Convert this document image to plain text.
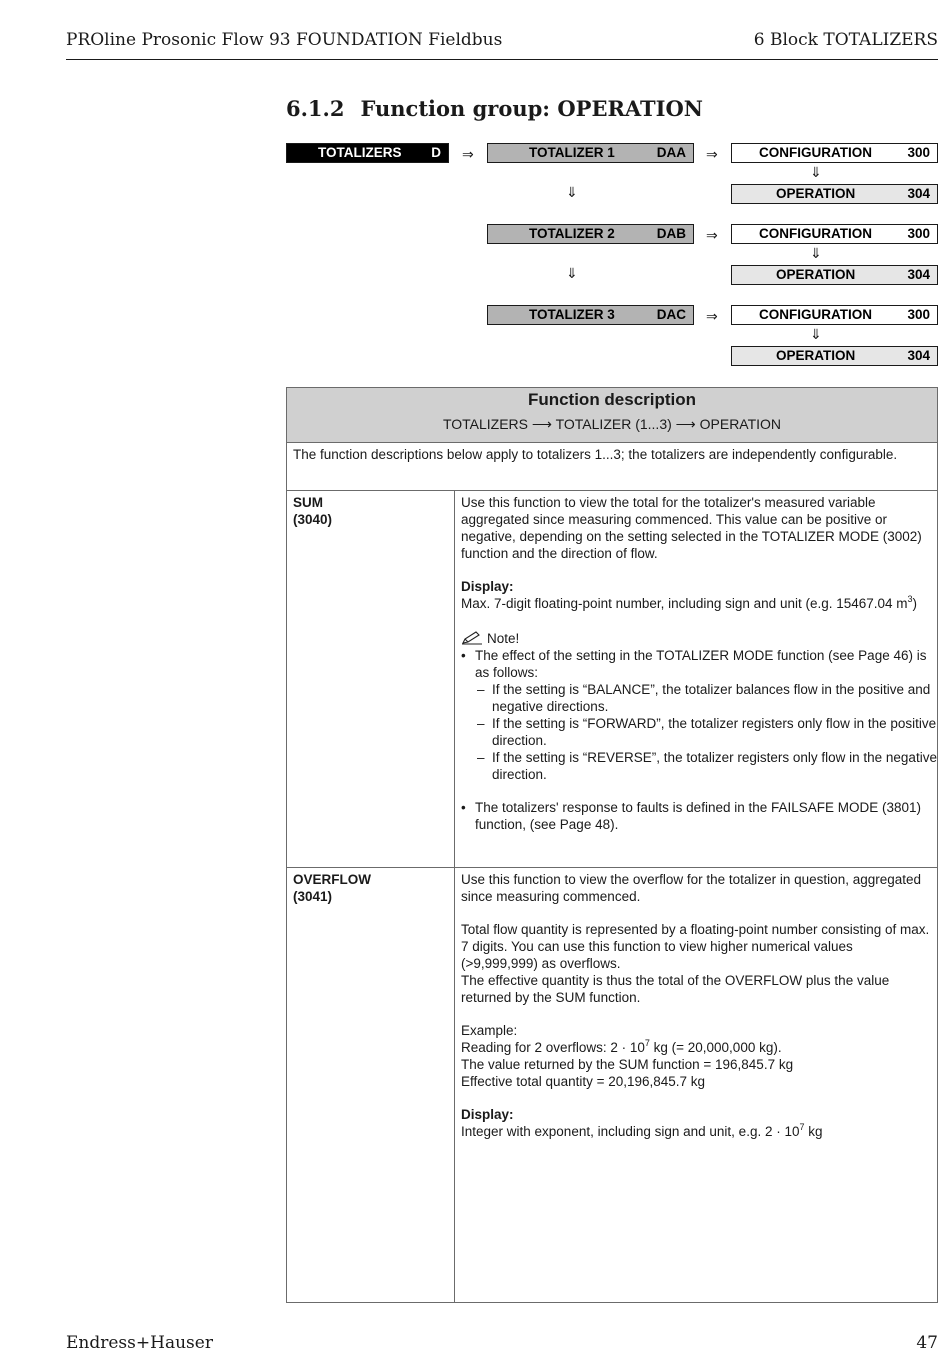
PROline Prosonic Flow 93 FOUNDATION Fieldbus	6 Block TOTALIZERS
6.1.2 Function group: OPERATION
TOTALIZERS D ⇒	TOTALIZER 1	DAA ⇒	CONFIGURATION	300
⇓
OPERATION	304
⇓
TOTALIZER 2	DAB ⇒	CONFIGURATION	300
⇓
OPERATION	304
⇓
TOTALIZER 3	DAC ⇒	CONFIGURATION	300
⇓
OPERATION	304
Function description
TOTALIZERS ⟶ TOTALIZER (1...3) ⟶ OPERATION
The function descriptions below apply to totalizers 1...3; the totalizers are independently configurable.
SUM
(3040)
Use this function to view the total for the totalizer's measured variable
aggregated since measuring commenced. This value can be positive or
negative, depending on the setting selected in the TOTALIZER MODE (3002)
function and the direction of flow.
Display:
Max. 7-digit floating-point number, including sign and unit (e.g. 15467.04 $m^3$)
Note!
• The effect of the setting in the TOTALIZER MODE function (see Page 46) is
as follows:
– If the setting is “BALANCE”, the totalizer balances flow in the positive and
negative directions.
– If the setting is “FORWARD”, the totalizer registers only flow in the positive
direction.
– If the setting is “REVERSE”, the totalizer registers only flow in the negative
direction.
• The totalizers' response to faults is defined in the FAILSAFE MODE (3801)
function, (see Page 48).
OVERFLOW
(3041)
Use this function to view the overflow for the totalizer in question, aggregated
since measuring commenced.
Total flow quantity is represented by a floating-point number consisting of max.
7 digits. You can use this function to view higher numerical values
(>9,999,999) as overflows.
The effective quantity is thus the total of the OVERFLOW plus the value
returned by the SUM function.
Example:
Reading for 2 overflows: $2 \cdot 10^7$ kg (= 20,000,000 kg).
The value returned by the SUM function = 196,845.7 kg
Effective total quantity = 20,196,845.7 kg
Display:
Integer with exponent, including sign and unit, e.g. $2 \cdot 10^7$ kg
Endress+Hauser	47
